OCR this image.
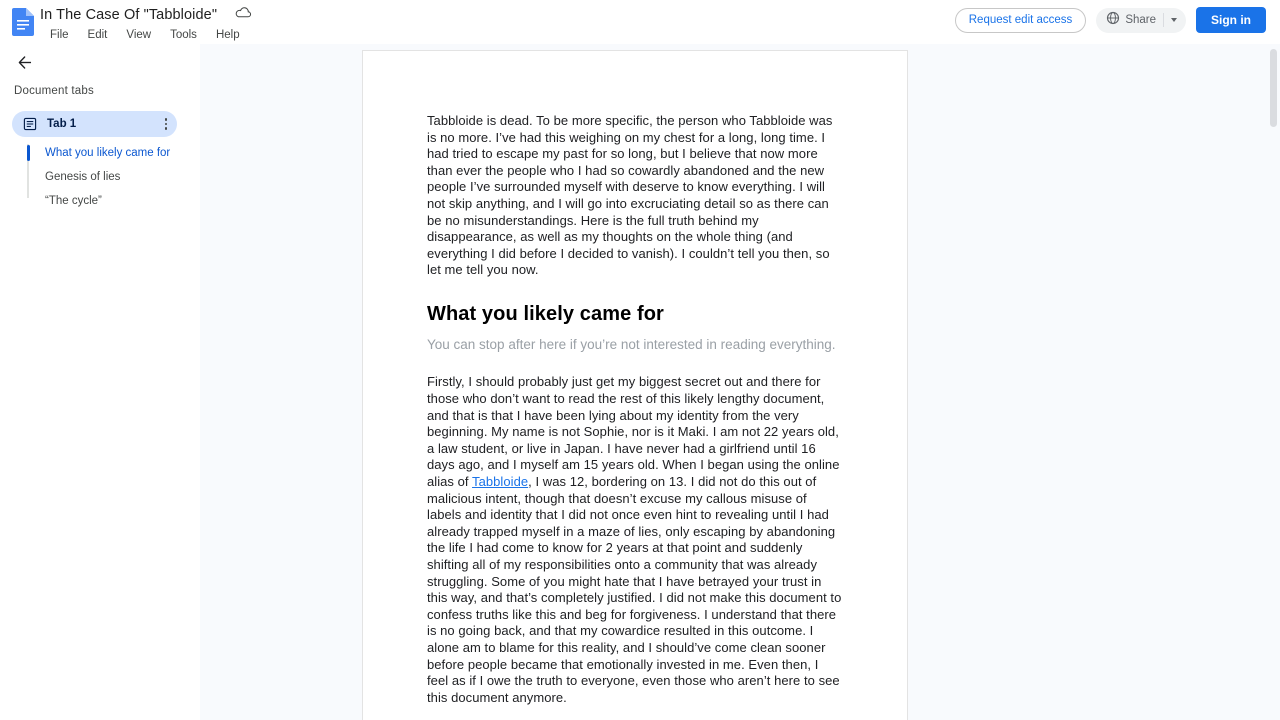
In The Case Of "Tabbloide"
File Edit View Tools Help
Request edit access	Share	Sign in
Document tabs
Tab 1
What you likely came for
Genesis of lies
“The cycle”

Tabbloide is dead. To be more specific, the person who Tabbloide was is no more. I’ve had this weighing on my chest for a long, long time. I had tried to escape my past for so long, but I believe that now more than ever the people who I had so cowardly abandoned and the new people I’ve surrounded myself with deserve to know everything. I will not skip anything, and I will go into excruciating detail so as there can be no misunderstandings. Here is the full truth behind my disappearance, as well as my thoughts on the whole thing (and everything I did before I decided to vanish). I couldn’t tell you then, so let me tell you now.

What you likely came for

You can stop after here if you’re not interested in reading everything.

Firstly, I should probably just get my biggest secret out and there for those who don’t want to read the rest of this likely lengthy document, and that is that I have been lying about my identity from the very beginning. My name is not Sophie, nor is it Maki. I am not 22 years old, a law student, or live in Japan. I have never had a girlfriend until 16 days ago, and I myself am 15 years old. When I began using the online alias of Tabbloide, I was 12, bordering on 13. I did not do this out of malicious intent, though that doesn’t excuse my callous misuse of labels and identity that I did not once even hint to revealing until I had already trapped myself in a maze of lies, only escaping by abandoning the life I had come to know for 2 years at that point and suddenly shifting all of my responsibilities onto a community that was already struggling. Some of you might hate that I have betrayed your trust in this way, and that’s completely justified. I did not make this document to confess truths like this and beg for forgiveness. I understand that there is no going back, and that my cowardice resulted in this outcome. I alone am to blame for this reality, and I should’ve come clean sooner before people became that emotionally invested in me. Even then, I feel as if I owe the truth to everyone, even those who aren’t here to see this document anymore.
